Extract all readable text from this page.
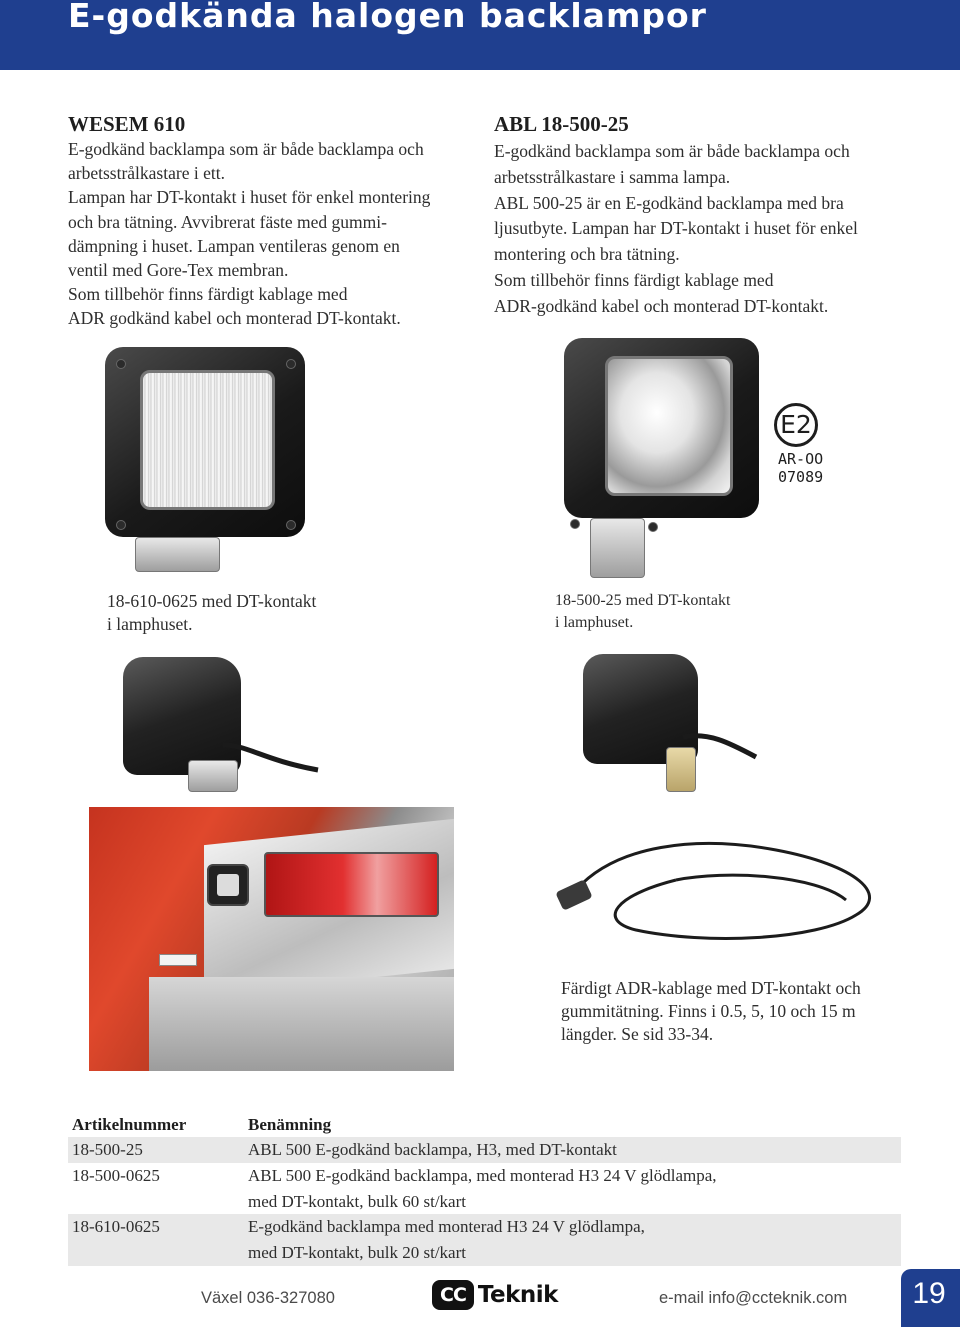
E-godkända halogen backlampor
WESEM 610

E-godkänd backlampa som är både backlampa och

arbetsstrålkastare i ett.

Lampan har DT-kontakt i huset för enkel montering

och bra tätning. Avvibrerat fäste med gummi-

dämpning i huset. Lampan ventileras genom en

ventil med Gore-Tex membran.

Som tillbehör finns färdigt kablage med

ADR godkänd kabel och monterad DT-kontakt.

ABL 18-500-25

E-godkänd backlampa som är både backlampa och

arbetsstrålkastare i samma lampa.

ABL 500-25 är en E-godkänd backlampa med bra

ljusutbyte. Lampan har DT-kontakt i huset för enkel

montering och bra tätning.

Som tillbehör finns färdigt kablage med

ADR-godkänd kabel och monterad DT-kontakt.

E2

AR-OO

07089

18-610-0625 med DT-kontakt

i lamphuset.

18-500-25 med DT-kontakt

i lamphuset.

Färdigt ADR-kablage med DT-kontakt och

gummitätning. Finns i 0.5, 5, 10 och 15 m

längder. Se sid 33-34.

Artikelnummer	Benämning
18-500-25	ABL 500 E-godkänd backlampa, H3, med DT-kontakt
18-500-0625	ABL 500 E-godkänd backlampa, med monterad H3 24 V glödlampa,
med DT-kontakt, bulk 60 st/kart
18-610-0625	E-godkänd backlampa med monterad H3 24 V glödlampa,
med DT-kontakt, bulk 20 st/kart
Växel 036-327080	CC Teknik	e-mail info@ccteknik.com	19
